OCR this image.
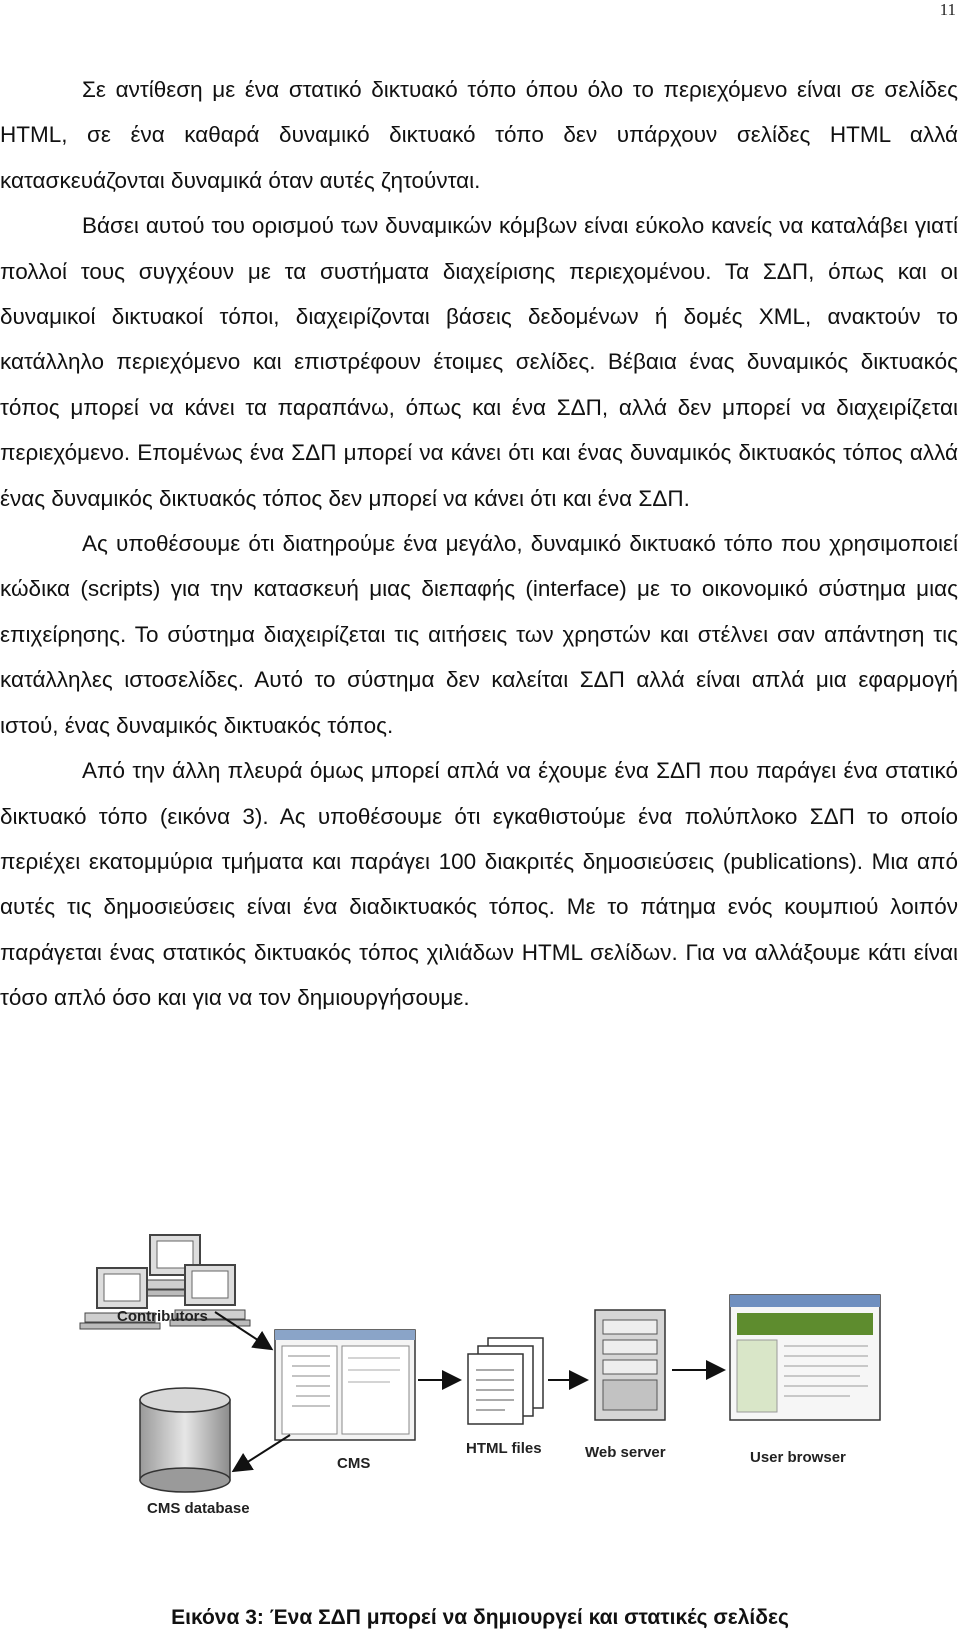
11

Σε αντίθεση με ένα στατικό δικτυακό τόπο όπου όλο το περιεχόμενο είναι σε σελίδες HTML, σε ένα καθαρά δυναμικό δικτυακό τόπο δεν υπάρχουν σελίδες HTML αλλά κατασκευάζονται δυναμικά όταν αυτές ζητούνται.

Βάσει αυτού του ορισμού των δυναμικών κόμβων είναι εύκολο κανείς να καταλάβει γιατί πολλοί τους συγχέουν με τα συστήματα διαχείρισης περιεχομένου. Τα ΣΔΠ, όπως και οι δυναμικοί δικτυακοί τόποι, διαχειρίζονται βάσεις δεδομένων ή δομές XML, ανακτούν το κατάλληλο περιεχόμενο και επιστρέφουν έτοιμες σελίδες. Βέβαια ένας δυναμικός δικτυακός τόπος μπορεί να κάνει τα παραπάνω, όπως και ένα ΣΔΠ, αλλά δεν μπορεί να διαχειρίζεται περιεχόμενο. Επομένως ένα ΣΔΠ μπορεί να κάνει ότι και ένας δυναμικός δικτυακός τόπος αλλά ένας δυναμικός δικτυακός τόπος δεν μπορεί να κάνει ότι και ένα ΣΔΠ.

Ας υποθέσουμε ότι διατηρούμε ένα μεγάλο, δυναμικό δικτυακό τόπο που χρησιμοποιεί κώδικα (scripts) για την κατασκευή μιας διεπαφής (interface) με το οικονομικό σύστημα μιας επιχείρησης. Το σύστημα διαχειρίζεται τις αιτήσεις των χρηστών και στέλνει σαν απάντηση τις κατάλληλες ιστοσελίδες. Αυτό το σύστημα δεν καλείται ΣΔΠ αλλά είναι απλά μια εφαρμογή ιστού, ένας δυναμικός δικτυακός τόπος.

Από την άλλη πλευρά όμως μπορεί απλά να έχουμε ένα ΣΔΠ που παράγει ένα στατικό δικτυακό τόπο (εικόνα 3). Ας υποθέσουμε ότι εγκαθιστούμε ένα πολύπλοκο ΣΔΠ το οποίο περιέχει εκατομμύρια τμήματα και παράγει 100 διακριτές δημοσιεύσεις (publications). Μια από αυτές τις δημοσιεύσεις είναι ένα διαδικτυακός τόπος. Με το πάτημα ενός κουμπιού λοιπόν παράγεται ένας στατικός δικτυακός τόπος χιλιάδων HTML σελίδων. Για να αλλάξουμε κάτι είναι τόσο απλό όσο και για να τον δημιουργήσουμε.

Contributors
CMS
HTML files	Web server	User browser
CMS database
Εικόνα 3: Ένα ΣΔΠ μπορεί να δημιουργεί και στατικές σελίδες
